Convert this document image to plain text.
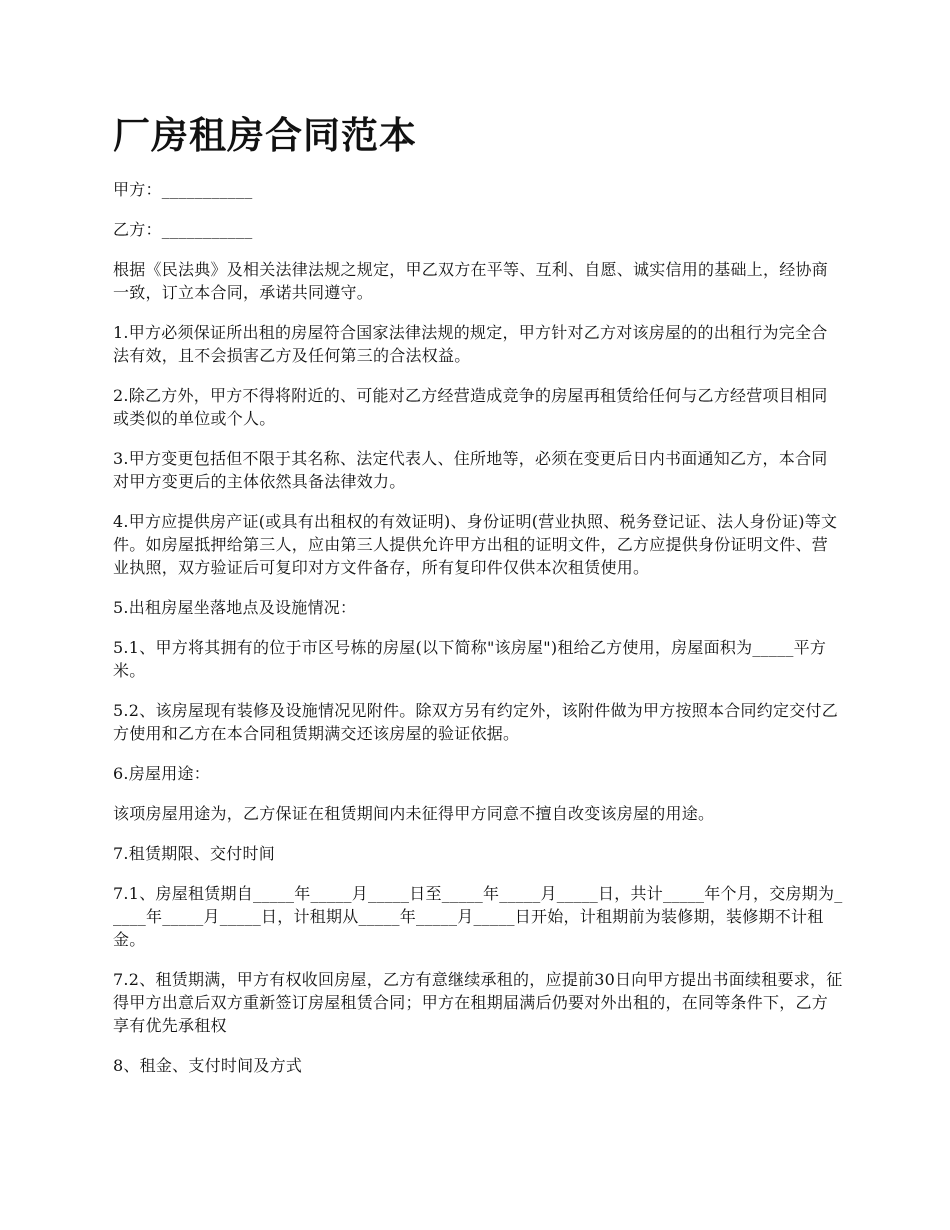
厂房租房合同范本

甲方：___________

乙方：___________

根据《民法典》及相关法律法规之规定，甲乙双方在平等、互利、自愿、诚实信用的基础上，经协商一致，订立本合同，承诺共同遵守。

1.甲方必须保证所出租的房屋符合国家法律法规的规定，甲方针对乙方对该房屋的的出租行为完全合法有效，且不会损害乙方及任何第三的合法权益。

2.除乙方外，甲方不得将附近的、可能对乙方经营造成竞争的房屋再租赁给任何与乙方经营项目相同或类似的单位或个人。

3.甲方变更包括但不限于其名称、法定代表人、住所地等，必须在变更后日内书面通知乙方，本合同对甲方变更后的主体依然具备法律效力。

4.甲方应提供房产证(或具有出租权的有效证明)、身份证明(营业执照、税务登记证、法人身份证)等文件。如房屋抵押给第三人，应由第三人提供允许甲方出租的证明文件，乙方应提供身份证明文件、营业执照，双方验证后可复印对方文件备存，所有复印件仅供本次租赁使用。

5.出租房屋坐落地点及设施情况：

5.1、甲方将其拥有的位于市区号栋的房屋(以下简称"该房屋")租给乙方使用，房屋面积为_____平方米。

5.2、该房屋现有装修及设施情况见附件。除双方另有约定外，该附件做为甲方按照本合同约定交付乙方使用和乙方在本合同租赁期满交还该房屋的验证依据。

6.房屋用途：

该项房屋用途为，乙方保证在租赁期间内未征得甲方同意不擅自改变该房屋的用途。

7.租赁期限、交付时间

7.1、房屋租赁期自_____年_____月_____日至_____年_____月_____日，共计_____年个月，交房期为_____年_____月_____日，计租期从_____年_____月_____日开始，计租期前为装修期，装修期不计租金。

7.2、租赁期满，甲方有权收回房屋，乙方有意继续承租的，应提前30日向甲方提出书面续租要求，征得甲方出意后双方重新签订房屋租赁合同；甲方在租期届满后仍要对外出租的，在同等条件下，乙方享有优先承租权

8、租金、支付时间及方式
